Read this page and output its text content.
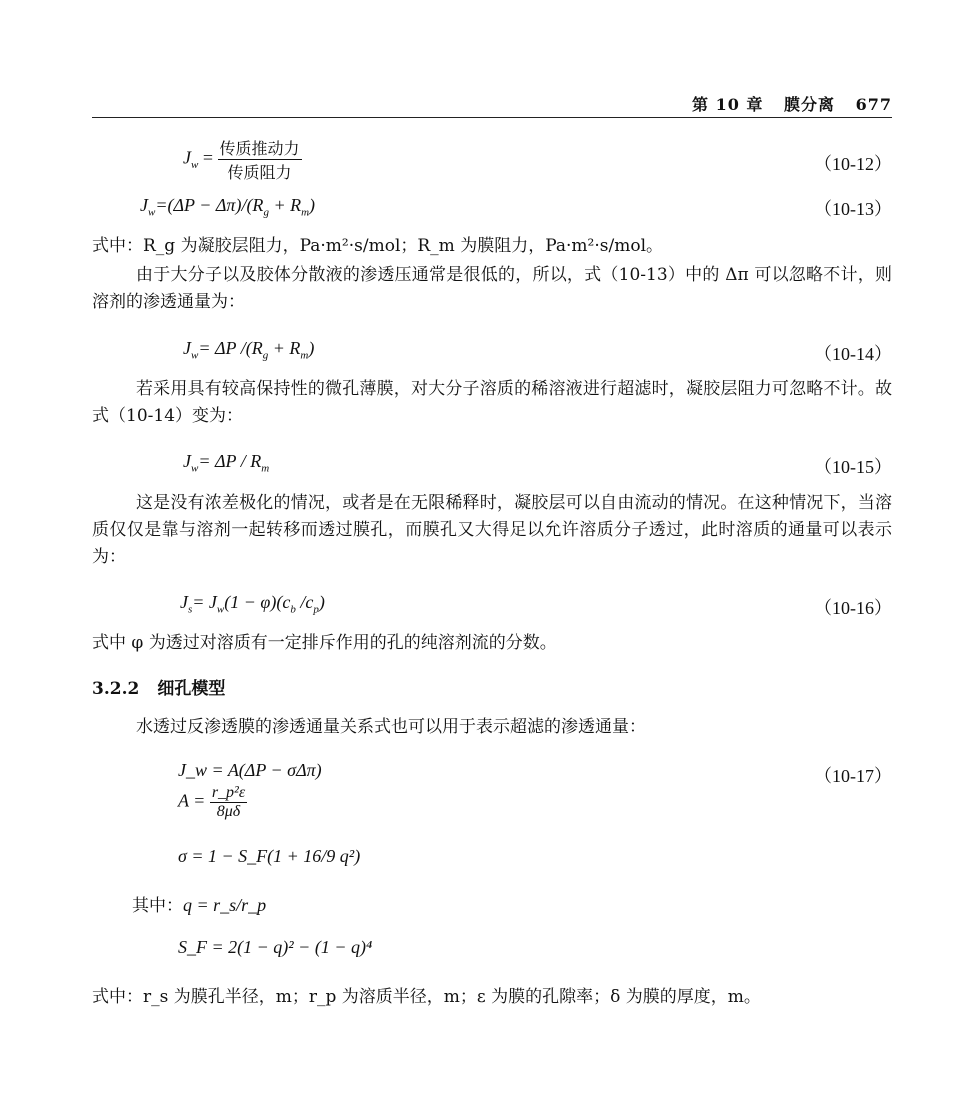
第 10 章 膜分离 677
$J_w = \frac{\text{传质推动力}}{\text{传质阻力}}$	（10-12）
$J_w=(\Delta P - \Delta\pi)/(R_g + R_m)$	（10-13）
式中：R_g 为凝胶层阻力，Pa·m²·s/mol；R_m 为膜阻力，Pa·m²·s/mol。
由于大分子以及胶体分散液的渗透压通常是很低的，所以，式（10-13）中的 Δπ 可以忽略不计，则溶剂的渗透通量为：
$J_w= \Delta P$ $/(R_g + R_m)$	（10-14）
若采用具有较高保持性的微孔薄膜，对大分子溶质的稀溶液进行超滤时，凝胶层阻力可忽略不计。故式（10-14）变为：
$J_w= \Delta P / R_m$	（10-15）
这是没有浓差极化的情况，或者是在无限稀释时，凝胶层可以自由流动的情况。在这种情况下，当溶质仅仅是靠与溶剂一起转移而透过膜孔，而膜孔又大得足以允许溶质分子透过，此时溶质的通量可以表示为：
$J_s= J_w(1 - \varphi)(c_b$ $/c_p$)	（10-16）
式中 φ 为透过对溶质有一定排斥作用的孔的纯溶剂流的分数。
3.2.2 细孔模型
水透过反渗透膜的渗透通量关系式也可以用于表示超滤的渗透通量：
J_w = A(ΔP − σΔπ)	（10-17）
$A = \frac{\text{r\_p²ε}}{8\mu\delta}$
σ = 1 − S_F(1 + 16/9 q²)
其中：q = r_s/r_p
S_F = 2(1 − q)² − (1 − q)⁴
式中：r_s 为膜孔半径，m；r_p 为溶质半径，m；ε 为膜的孔隙率；δ 为膜的厚度，m。
